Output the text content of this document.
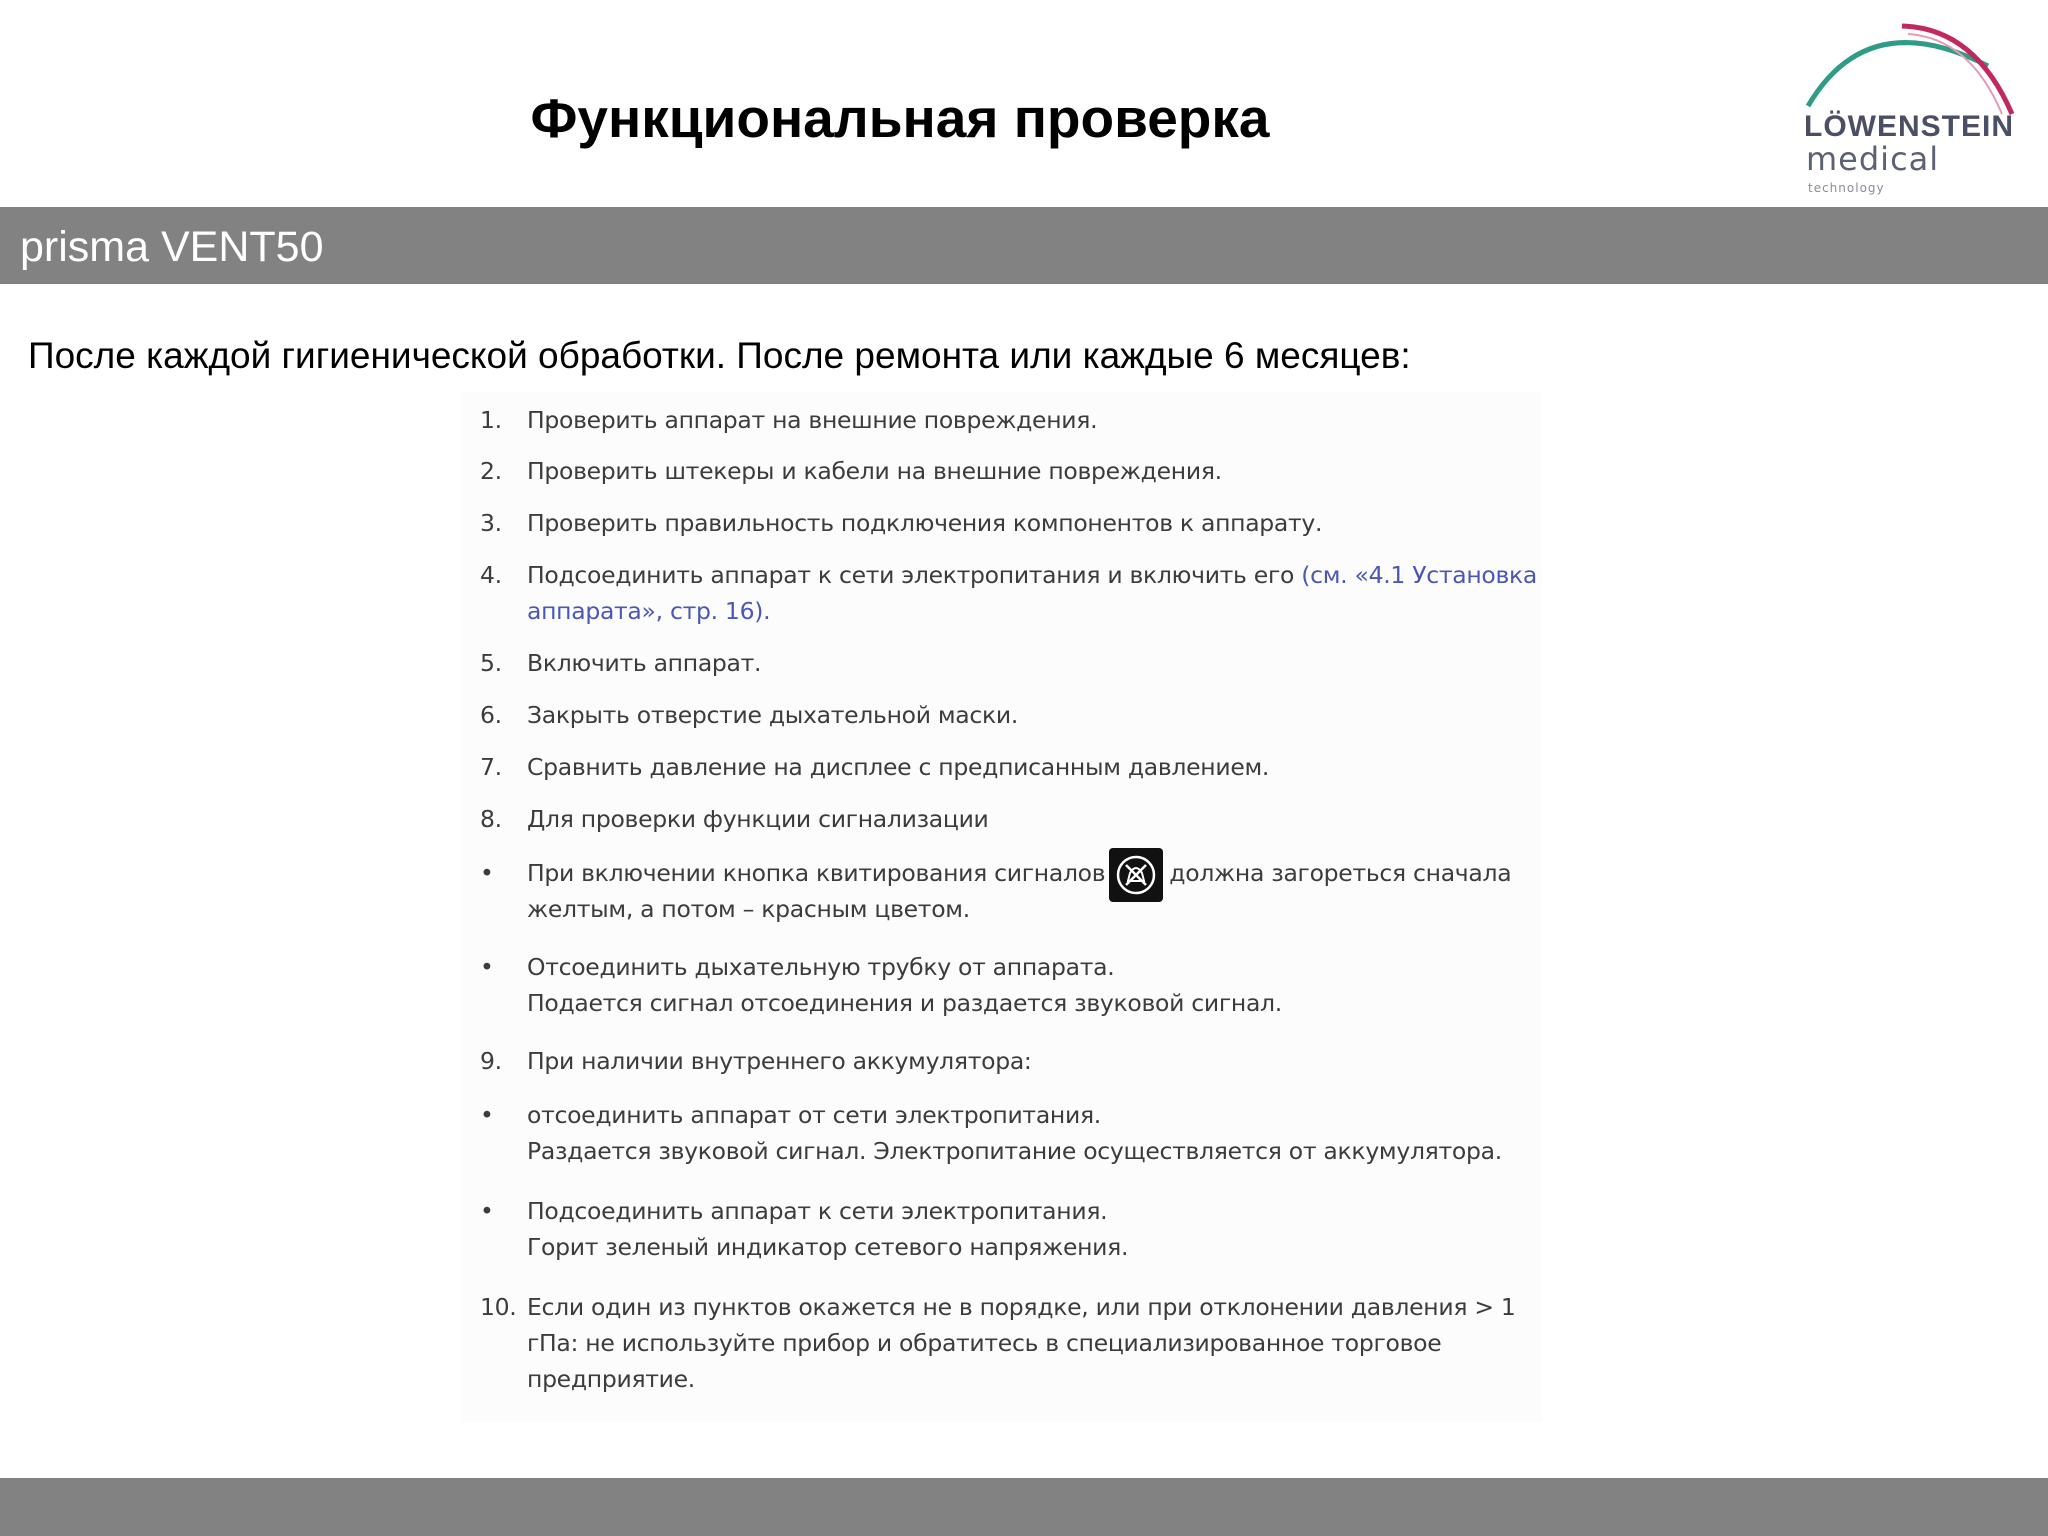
Функциональная проверка	LÖWENSTEIN
medical
technology
prisma VENT50
После каждой гигиенической обработки. После ремонта или каждые 6 месяцев:
1.	Проверить аппарат на внешние повреждения.
2.	Проверить штекеры и кабели на внешние повреждения.
3.	Проверить правильность подключения компонентов к аппарату.
4.	Подсоединить аппарат к сети электропитания и включить его (см. «4.1 Установка аппарата», стр. 16).
5.	Включить аппарат.
6.	Закрыть отверстие дыхательной маски.
7.	Сравнить давление на дисплее с предписанным давлением.
8.	Для проверки функции сигнализации
•	При включении кнопка квитирования сигналов	должна загореться сначала желтым, а потом – красным цветом.
•	Отсоединить дыхательную трубку от аппарата.
Подается сигнал отсоединения и раздается звуковой сигнал.
9.	При наличии внутреннего аккумулятора:
•	отсоединить аппарат от сети электропитания.
Раздается звуковой сигнал. Электропитание осуществляется от аккумулятора.
•	Подсоединить аппарат к сети электропитания.
Горит зеленый индикатор сетевого напряжения.
10. Если один из пунктов окажется не в порядке, или при отклонении давления > 1 гПа: не используйте прибор и обратитесь в специализированное торговое предприятие.
